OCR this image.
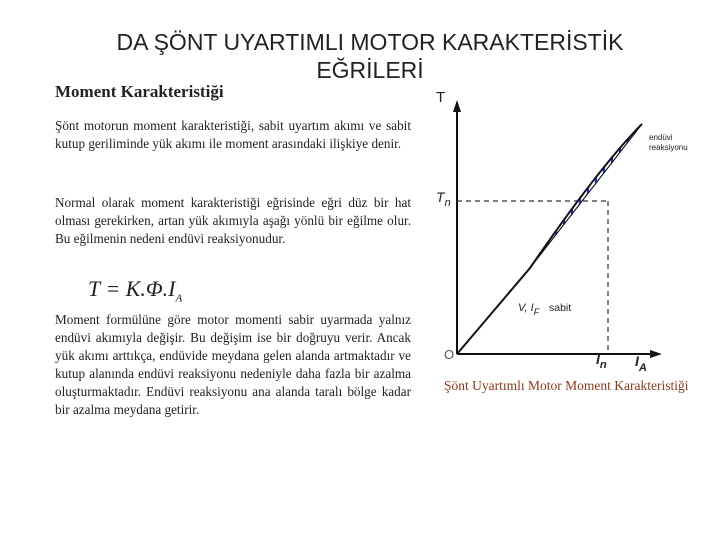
DA ŞÖNT UYARTIMLI MOTOR KARAKTERİSTİK EĞRİLERİ
Moment Karakteristiği

Şönt motorun moment karakteristiği, sabit uyartım akımı ve sabit kutup geriliminde yük akımı ile moment arasındaki ilişkiye denir.

Normal olarak moment karakteristiği eğrisinde eğri düz bir hat olması gerekirken, artan yük akımıyla aşağı yönlü bir eğilme olur. Bu eğilmenin nedeni endüvi reaksiyonudur.

$T = K.\Phi.I_A$

Moment formülüne göre motor momenti sabir uyarmada yalnız endüvi akımıyla değişir. Bu değişim ise bir doğruyu verir. Ancak yük akımı arttıkça, endüvide meydana gelen alanda artmaktadır ve kutup alanında endüvi reaksiyonu nedeniyle daha fazla bir azalma oluşturmaktadır. Endüvi reaksiyonu ana alanda taralı bölge kadar bir azalma meydana getirir.

T
$T_n$
O	$I_n$ $I_A$
V, $I_F$ sabit
endüvi
reaksiyonu
Şönt Uyartımlı Motor Moment Karakteristiği
